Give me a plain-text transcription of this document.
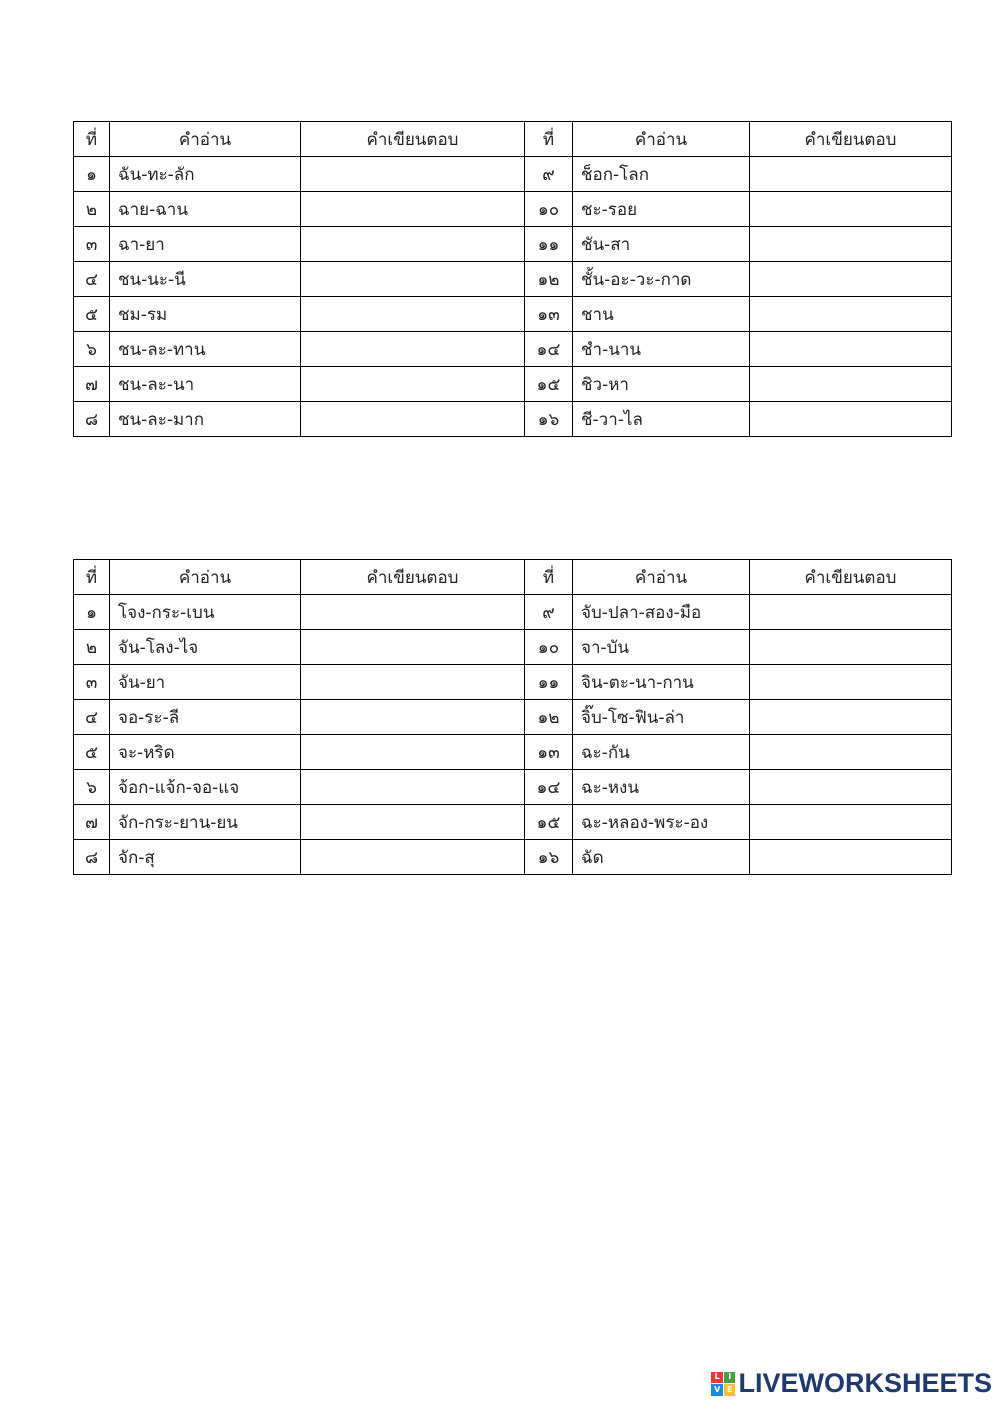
ที่	คำอ่าน	คำเขียนตอบ	ที่	คำอ่าน	คำเขียนตอบ
๑	ฉัน-ทะ-ลัก		๙	ช็อก-โลก	
๒	ฉาย-ฉาน		๑๐	ชะ-รอย	
๓	ฉา-ยา		๑๑	ชัน-สา	
๔	ชน-นะ-นี		๑๒	ชั้น-อะ-วะ-กาด	
๕	ชม-รม		๑๓	ชาน	
๖	ชน-ละ-ทาน		๑๔	ชำ-นาน	
๗	ชน-ละ-นา		๑๕	ชิว-หา	
๘	ชน-ละ-มาก		๑๖	ชี-วา-ไล	
ที่	คำอ่าน	คำเขียนตอบ	ที่	คำอ่าน	คำเขียนตอบ
๑	โจง-กระ-เบน		๙	จับ-ปลา-สอง-มือ	
๒	จัน-โลง-ไจ		๑๐	จา-บัน	
๓	จัน-ยา		๑๑	จิน-ตะ-นา-กาน	
๔	จอ-ระ-ลี		๑๒	จิ๊บ-โซ-ฟิน-ล่า	
๕	จะ-หริด		๑๓	ฉะ-กัน	
๖	จ้อก-แจ้ก-จอ-แจ		๑๔	ฉะ-หงน	
๗	จัก-กระ-ยาน-ยน		๑๕	ฉะ-หลอง-พระ-อง	
๘	จัก-สุ		๑๖	ฉัด	
L	I
V E LIVEWORKSHEETS
